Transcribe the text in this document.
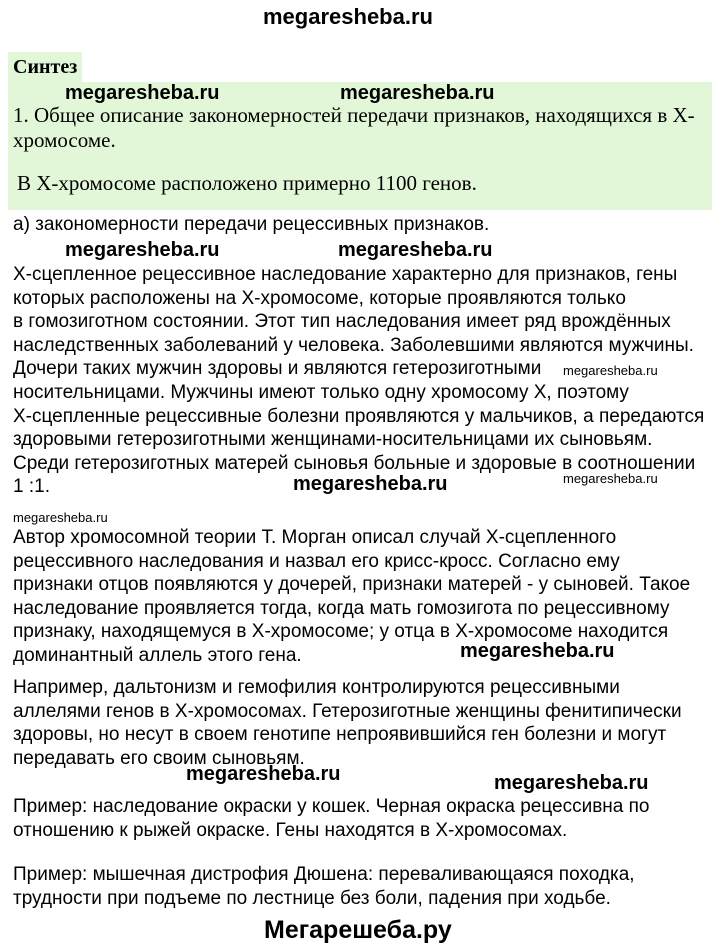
megaresheba.ru
Синтез
megaresheba.ru	megaresheba.ru
1. Общее описание закономерностей передачи признаков, находящихся в Х-
хромосоме.
В Х-хромосоме расположено примерно 1100 генов.
а) закономерности передачи рецессивных признаков.
megaresheba.ru	megaresheba.ru
Х-сцепленное рецессивное наследование характерно для признаков, гены
которых расположены на Х-хромосоме, которые проявляются только
в гомозиготном состоянии. Этот тип наследования имеет ряд врождённых
наследственных заболеваний у человека. Заболевшими являются мужчины.
Дочери таких мужчин здоровы и являются гетерозиготными
носительницами. Мужчины имеют только одну хромосому X, поэтому
Х-сцепленные рецессивные болезни проявляются у мальчиков, а передаются
здоровыми гетерозиготными женщинами-носительницами их сыновьям.
Среди гетерозиготных матерей сыновья больные и здоровые в соотношении
1 :1.
megaresheba.ru
megaresheba.ru	megaresheba.ru
megaresheba.ru
Автор хромосомной теории Т. Морган описал случай Х-сцепленного
рецессивного наследования и назвал его крисс-кросс. Согласно ему
признаки отцов появляются у дочерей, признаки матерей - у сыновей. Такое
наследование проявляется тогда, когда мать гомозигота по рецессивному
признаку, находящемуся в Х-хромосоме; у отца в Х-хромосоме находится
доминантный аллель этого гена.	megaresheba.ru
Например, дальтонизм и гемофилия контролируются рецессивными
аллелями генов в Х-хромосомах. Гетерозиготные женщины фенитипически
здоровы, но несут в своем генотипе непроявившийся ген болезни и могут
передавать его своим сыновьям.
megaresheba.ru	megaresheba.ru
Пример: наследование окраски у кошек. Черная окраска рецессивна по
отношению к рыжей окраске. Гены находятся в Х-хромосомах.
Пример: мышечная дистрофия Дюшена: переваливающаяся походка,
трудности при подъеме по лестнице без боли, падения при ходьбе.
Мегарешеба.ру
